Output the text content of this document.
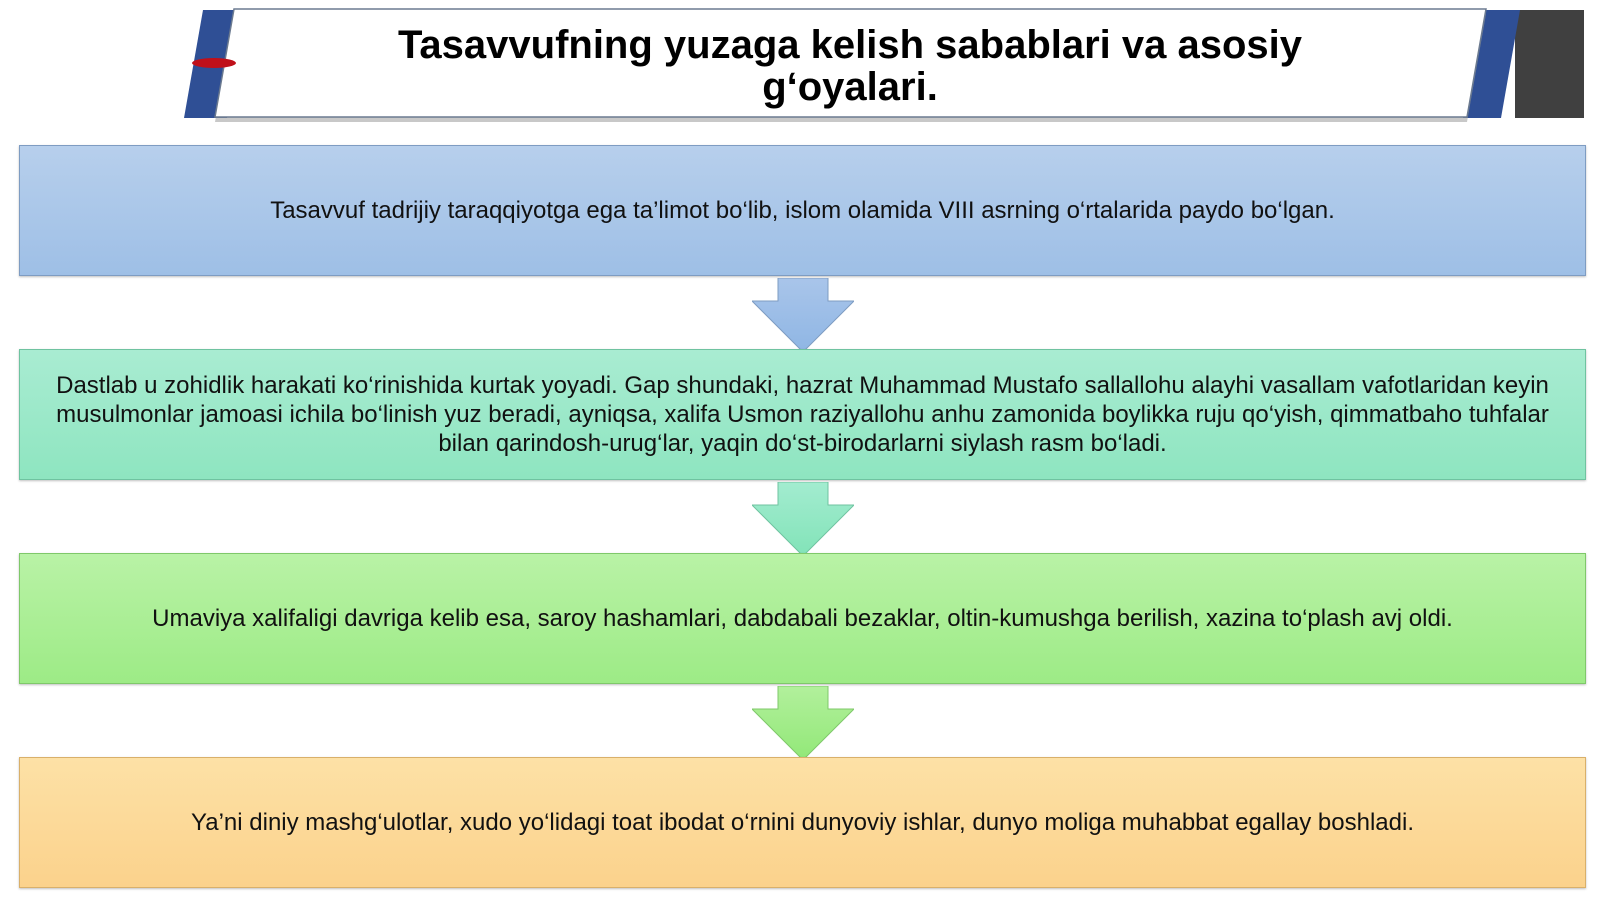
Tasavvufning yuzaga kelish sabablari va asosiy
g‘oyalari.
Tasavvuf tadrijiy taraqqiyotga ega ta’limot bo‘lib, islom olamida VIII asrning o‘rtalarida paydo bo‘lgan.
Dastlab u zohidlik harakati ko‘rinishida kurtak yoyadi. Gap shundaki, hazrat Muhammad Mustafo sallallohu alayhi vasallam vafotlaridan keyin musulmonlar jamoasi ichila bo‘linish yuz beradi, ayniqsa, xalifa Usmon raziyallohu anhu zamonida boylikka ruju qo‘yish, qimmatbaho tuhfalar bilan qarindosh-urug‘lar, yaqin do‘st-birodarlarni siylash rasm bo‘ladi.
Umaviya xalifaligi davriga kelib esa, saroy hashamlari, dabdabali bezaklar, oltin-kumushga berilish, xazina to‘plash avj oldi.
Ya’ni diniy mashg‘ulotlar, xudo yo‘lidagi toat ibodat o‘rnini dunyoviy ishlar, dunyo moliga muhabbat egallay boshladi.
